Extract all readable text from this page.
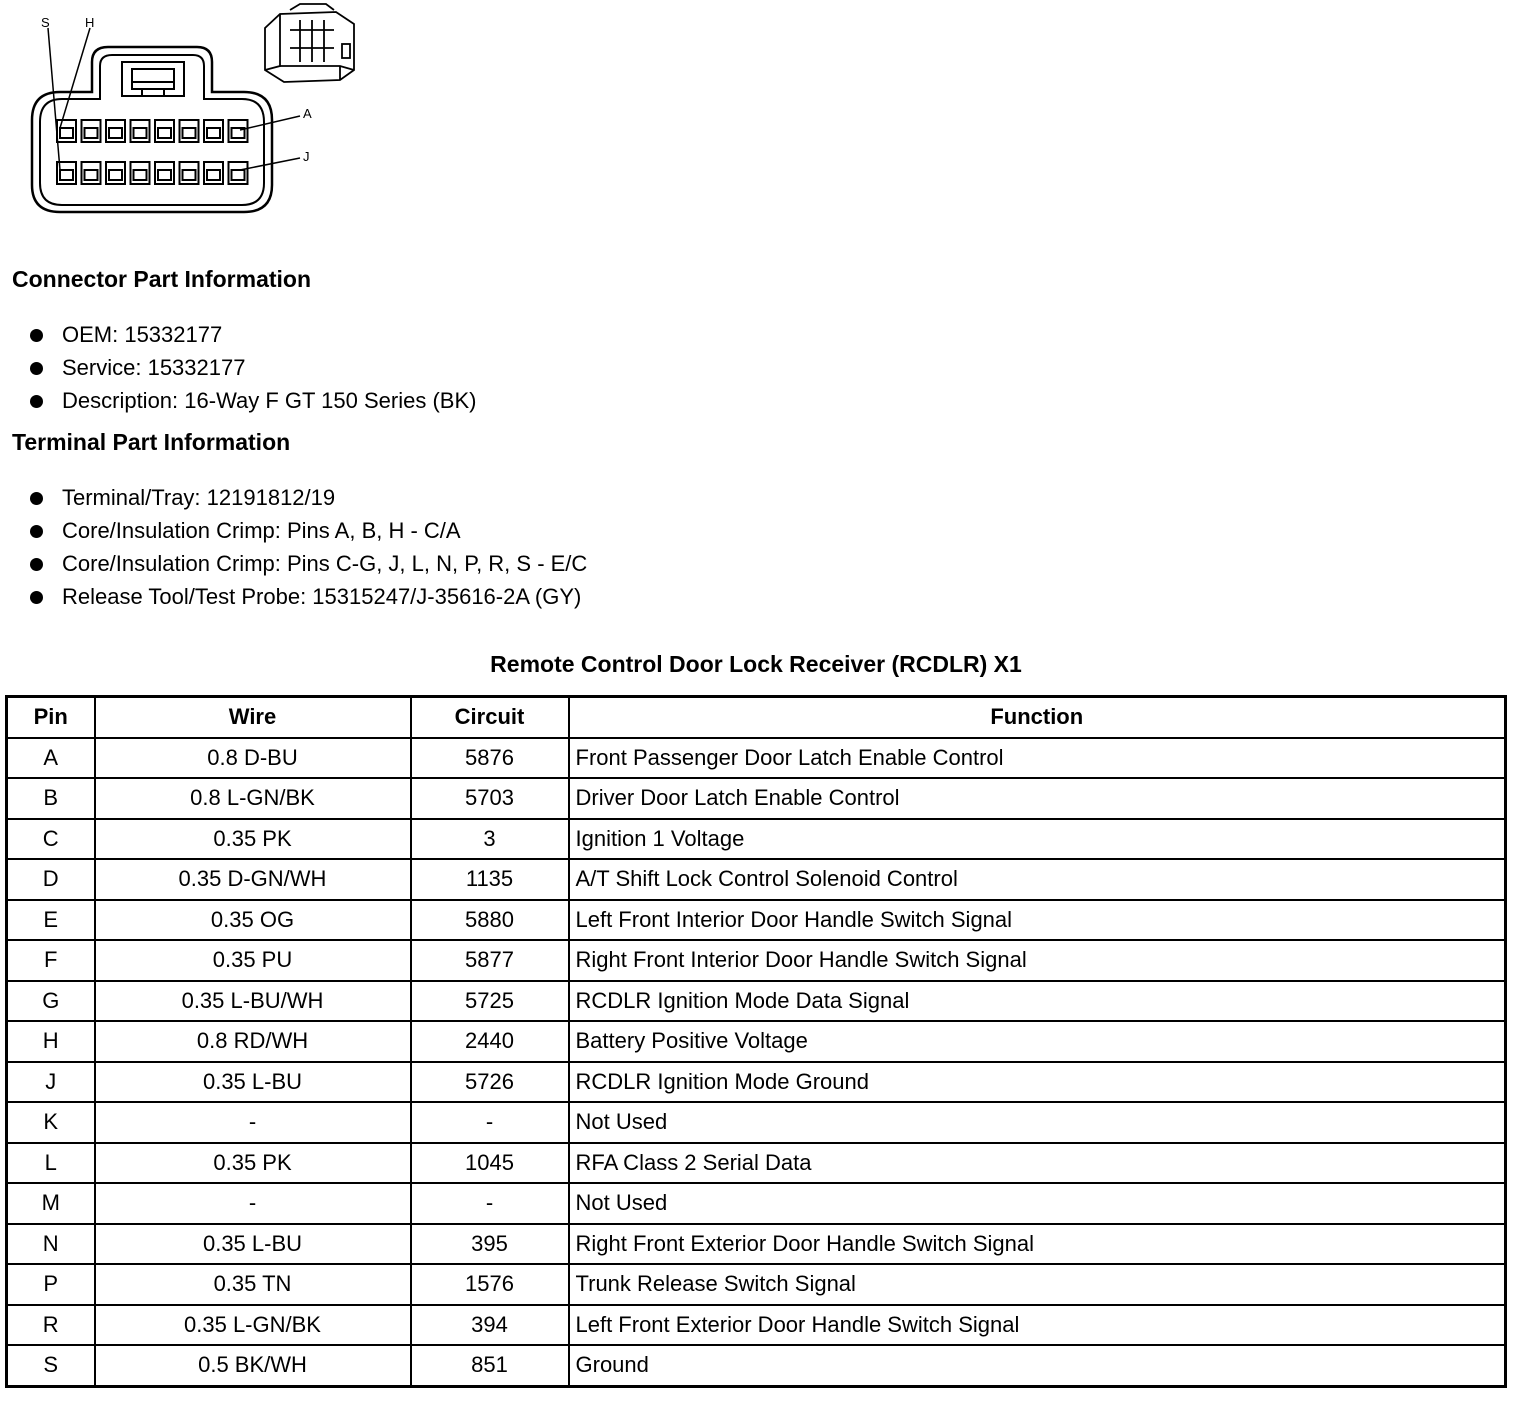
S	H
A
J
Connector Part Information
OEM: 15332177
Service: 15332177
Description: 16-Way F GT 150 Series (BK)
Terminal Part Information
Terminal/Tray: 12191812/19
Core/Insulation Crimp: Pins A, B, H - C/A
Core/Insulation Crimp: Pins C-G, J, L, N, P, R, S - E/C
Release Tool/Test Probe: 15315247/J-35616-2A (GY)
Remote Control Door Lock Receiver (RCDLR) X1
Pin	Wire	Circuit	Function
A	0.8 D-BU	5876	Front Passenger Door Latch Enable Control
B	0.8 L-GN/BK	5703	Driver Door Latch Enable Control
C	0.35 PK	3	Ignition 1 Voltage
D	0.35 D-GN/WH	1135	A/T Shift Lock Control Solenoid Control
E	0.35 OG	5880	Left Front Interior Door Handle Switch Signal
F	0.35 PU	5877	Right Front Interior Door Handle Switch Signal
G	0.35 L-BU/WH	5725	RCDLR Ignition Mode Data Signal
H	0.8 RD/WH	2440	Battery Positive Voltage
J	0.35 L-BU	5726	RCDLR Ignition Mode Ground
K	-	-	Not Used
L	0.35 PK	1045	RFA Class 2 Serial Data
M	-	-	Not Used
N	0.35 L-BU	395	Right Front Exterior Door Handle Switch Signal
P	0.35 TN	1576	Trunk Release Switch Signal
R	0.35 L-GN/BK	394	Left Front Exterior Door Handle Switch Signal
S	0.5 BK/WH	851	Ground
